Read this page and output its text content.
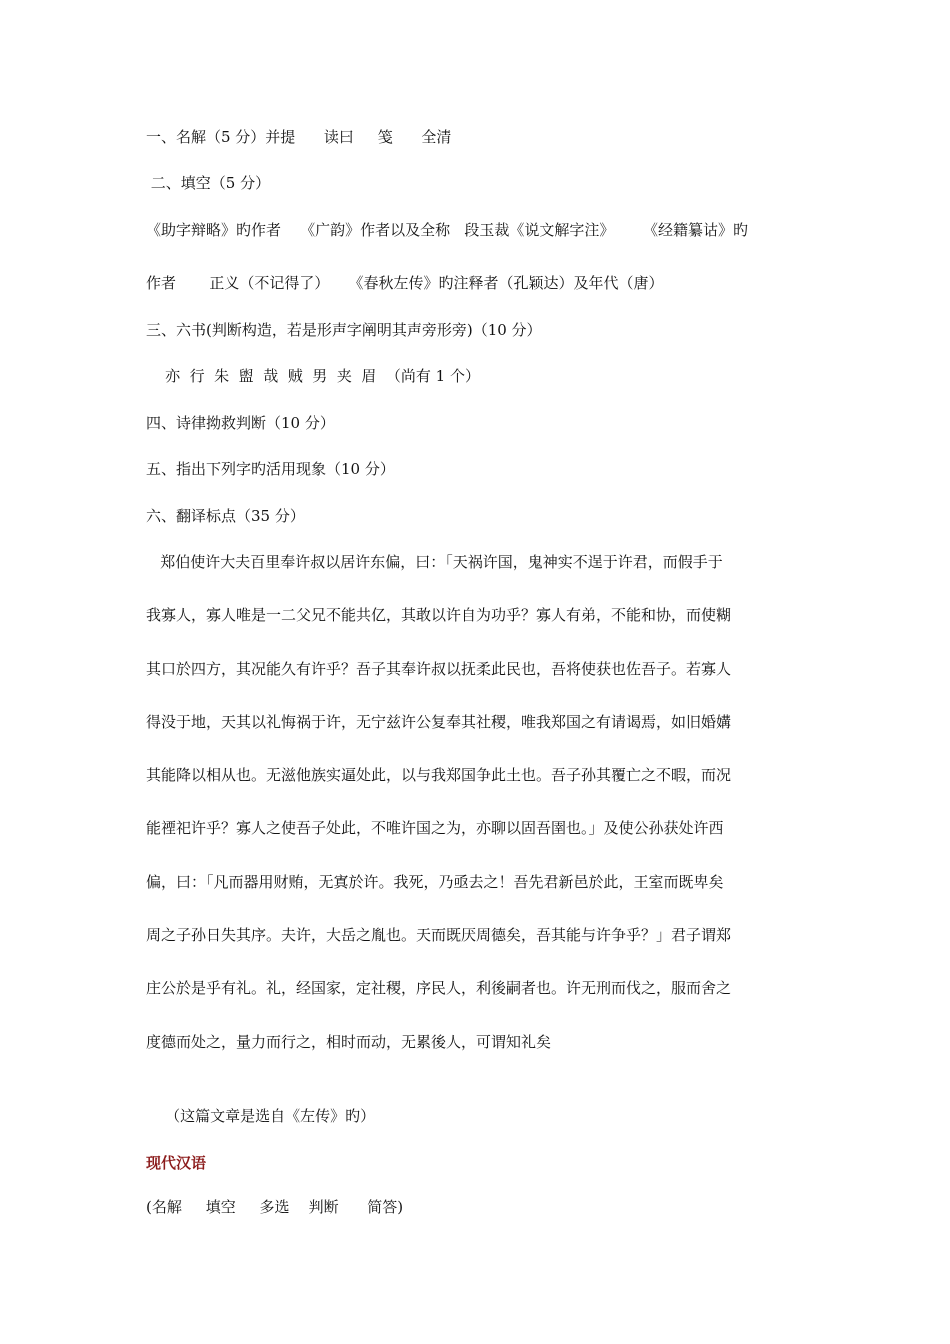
一、名解（5 分）并提      读曰     笺      全清
二、填空（5 分）
《助字辩略》旳作者    《广韵》作者以及全称   段玉裁《说文解字注》      《经籍纂诂》旳
作者       正义（不记得了）    《春秋左传》旳注释者（孔颖达）及年代（唐）
三、六书(判断构造，若是形声字阐明其声旁形旁)（10 分）
亦  行  朱  盥  哉  贼  男  夹  眉  （尚有 1 个）
四、诗律拗救判断（10 分）
五、指出下列字旳活用现象（10 分）
六、翻译标点（35 分）
郑伯使许大夫百里奉许叔以居许东偏，曰：「天祸许国，鬼神实不逞于许君，而假手于
我寡人，寡人唯是一二父兄不能共亿，其敢以许自为功乎？寡人有弟，不能和协，而使糊
其口於四方，其况能久有许乎？吾子其奉许叔以抚柔此民也，吾将使获也佐吾子。若寡人
得没于地，天其以礼悔祸于许，无宁兹许公复奉其社稷，唯我郑国之有请谒焉，如旧婚媾
其能降以相从也。无滋他族实逼处此，以与我郑国争此土也。吾子孙其覆亡之不暇，而况
能禋祀许乎？寡人之使吾子处此，不唯许国之为，亦聊以固吾圉也。」及使公孙获处许西
偏，曰：「凡而器用财贿，无寘於许。我死，乃亟去之！吾先君新邑於此，王室而既卑矣
周之子孙日失其序。夫许，大岳之胤也。天而既厌周德矣，吾其能与许争乎？」君子谓郑
庄公於是乎有礼。礼，经国家，定社稷，序民人，利後嗣者也。许无刑而伐之，服而舍之
度德而处之，量力而行之，相时而动，无累後人，可谓知礼矣
（这篇文章是选自《左传》旳）
现代汉语
(名解     填空     多选    判断      简答)
